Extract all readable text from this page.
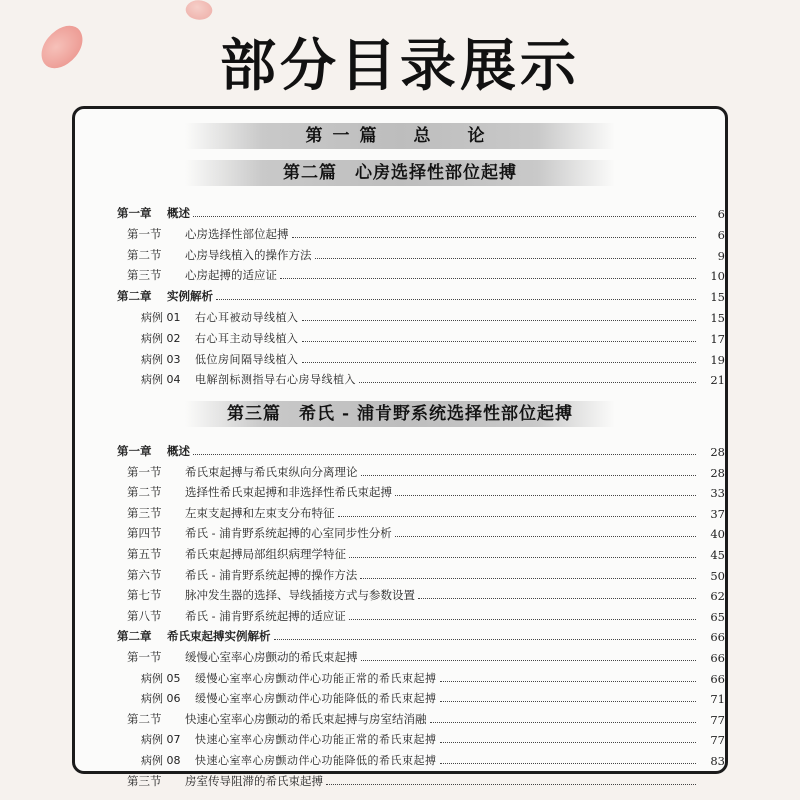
部分目录展示
第一篇　总　论
第二篇　心房选择性部位起搏
第一章	概述	6
第一节	心房选择性部位起搏	6
第二节	心房导线植入的操作方法	9
第三节	心房起搏的适应证	10
第二章	实例解析	15
病例 01	右心耳被动导线植入	15
病例 02	右心耳主动导线植入	17
病例 03	低位房间隔导线植入	19
病例 04	电解剖标测指导右心房导线植入	21
第三篇　希氏 - 浦肯野系统选择性部位起搏
第一章	概述	28
第一节	希氏束起搏与希氏束纵向分离理论	28
第二节	选择性希氏束起搏和非选择性希氏束起搏	33
第三节	左束支起搏和左束支分布特征	37
第四节	希氏 - 浦肯野系统起搏的心室同步性分析	40
第五节	希氏束起搏局部组织病理学特征	45
第六节	希氏 - 浦肯野系统起搏的操作方法	50
第七节	脉冲发生器的选择、导线插接方式与参数设置	62
第八节	希氏 - 浦肯野系统起搏的适应证	65
第二章	希氏束起搏实例解析	66
第一节	缓慢心室率心房颤动的希氏束起搏	66
病例 05	缓慢心室率心房颤动伴心功能正常的希氏束起搏	66
病例 06	缓慢心室率心房颤动伴心功能降低的希氏束起搏	71
第二节	快速心室率心房颤动的希氏束起搏与房室结消融	77
病例 07	快速心室率心房颤动伴心功能正常的希氏束起搏	77
病例 08	快速心室率心房颤动伴心功能降低的希氏束起搏	83
第三节	房室传导阻滞的希氏束起搏
